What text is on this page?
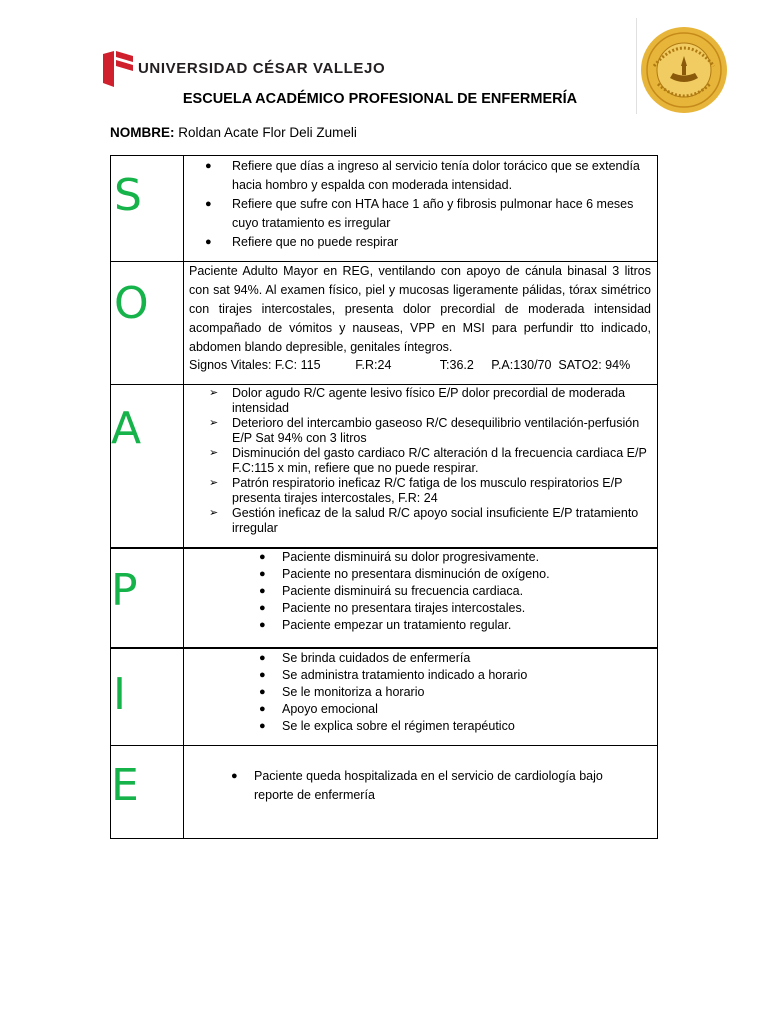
UNIVERSIDAD CÉSAR VALLEJO
ESCUELA ACADÉMICO PROFESIONAL DE ENFERMERÍA
NOMBRE: Roldan Acate Flor Deli Zumeli
S
● Refiere que días a ingreso al servicio tenía dolor torácico que se extendía hacia hombro y espalda con moderada intensidad.
● Refiere que sufre con HTA hace 1 año y fibrosis pulmonar hace 6 meses cuyo tratamiento es irregular
● Refiere que no puede respirar
O
Paciente Adulto Mayor en REG, ventilando con apoyo de cánula binasal 3 litros con sat 94%. Al examen físico, piel y mucosas ligeramente pálidas, tórax simétrico con tirajes intercostales, presenta dolor precordial de moderada intensidad acompañado de vómitos y nauseas, VPP en MSI para perfundir tto indicado, abdomen blando depresible, genitales íntegros.
Signos Vitales: F.C: 115          F.R:24              T:36.2     P.A:130/70  SATO2: 94%
A
➢ Dolor agudo R/C agente lesivo físico E/P dolor precordial de moderada intensidad
➢ Deterioro del intercambio gaseoso R/C desequilibrio ventilación-perfusión E/P Sat 94% con 3 litros
➢ Disminución del gasto cardiaco R/C alteración d la frecuencia cardiaca E/P F.C:115 x min, refiere que no puede respirar.
➢ Patrón respiratorio ineficaz R/C fatiga de los musculo respiratorios E/P presenta tirajes intercostales, F.R: 24
➢ Gestión ineficaz de la salud R/C apoyo social insuficiente E/P tratamiento irregular
P
● Paciente disminuirá su dolor progresivamente.
● Paciente no presentara disminución de oxígeno.
● Paciente disminuirá su frecuencia cardiaca.
● Paciente no presentara tirajes intercostales.
● Paciente empezar un tratamiento regular.
I
● Se brinda cuidados de enfermería
● Se administra tratamiento indicado a horario
● Se le monitoriza a horario
● Apoyo emocional
● Se le explica sobre el régimen terapéutico
E	● Paciente queda hospitalizada en el servicio de cardiología bajo reporte de enfermería
